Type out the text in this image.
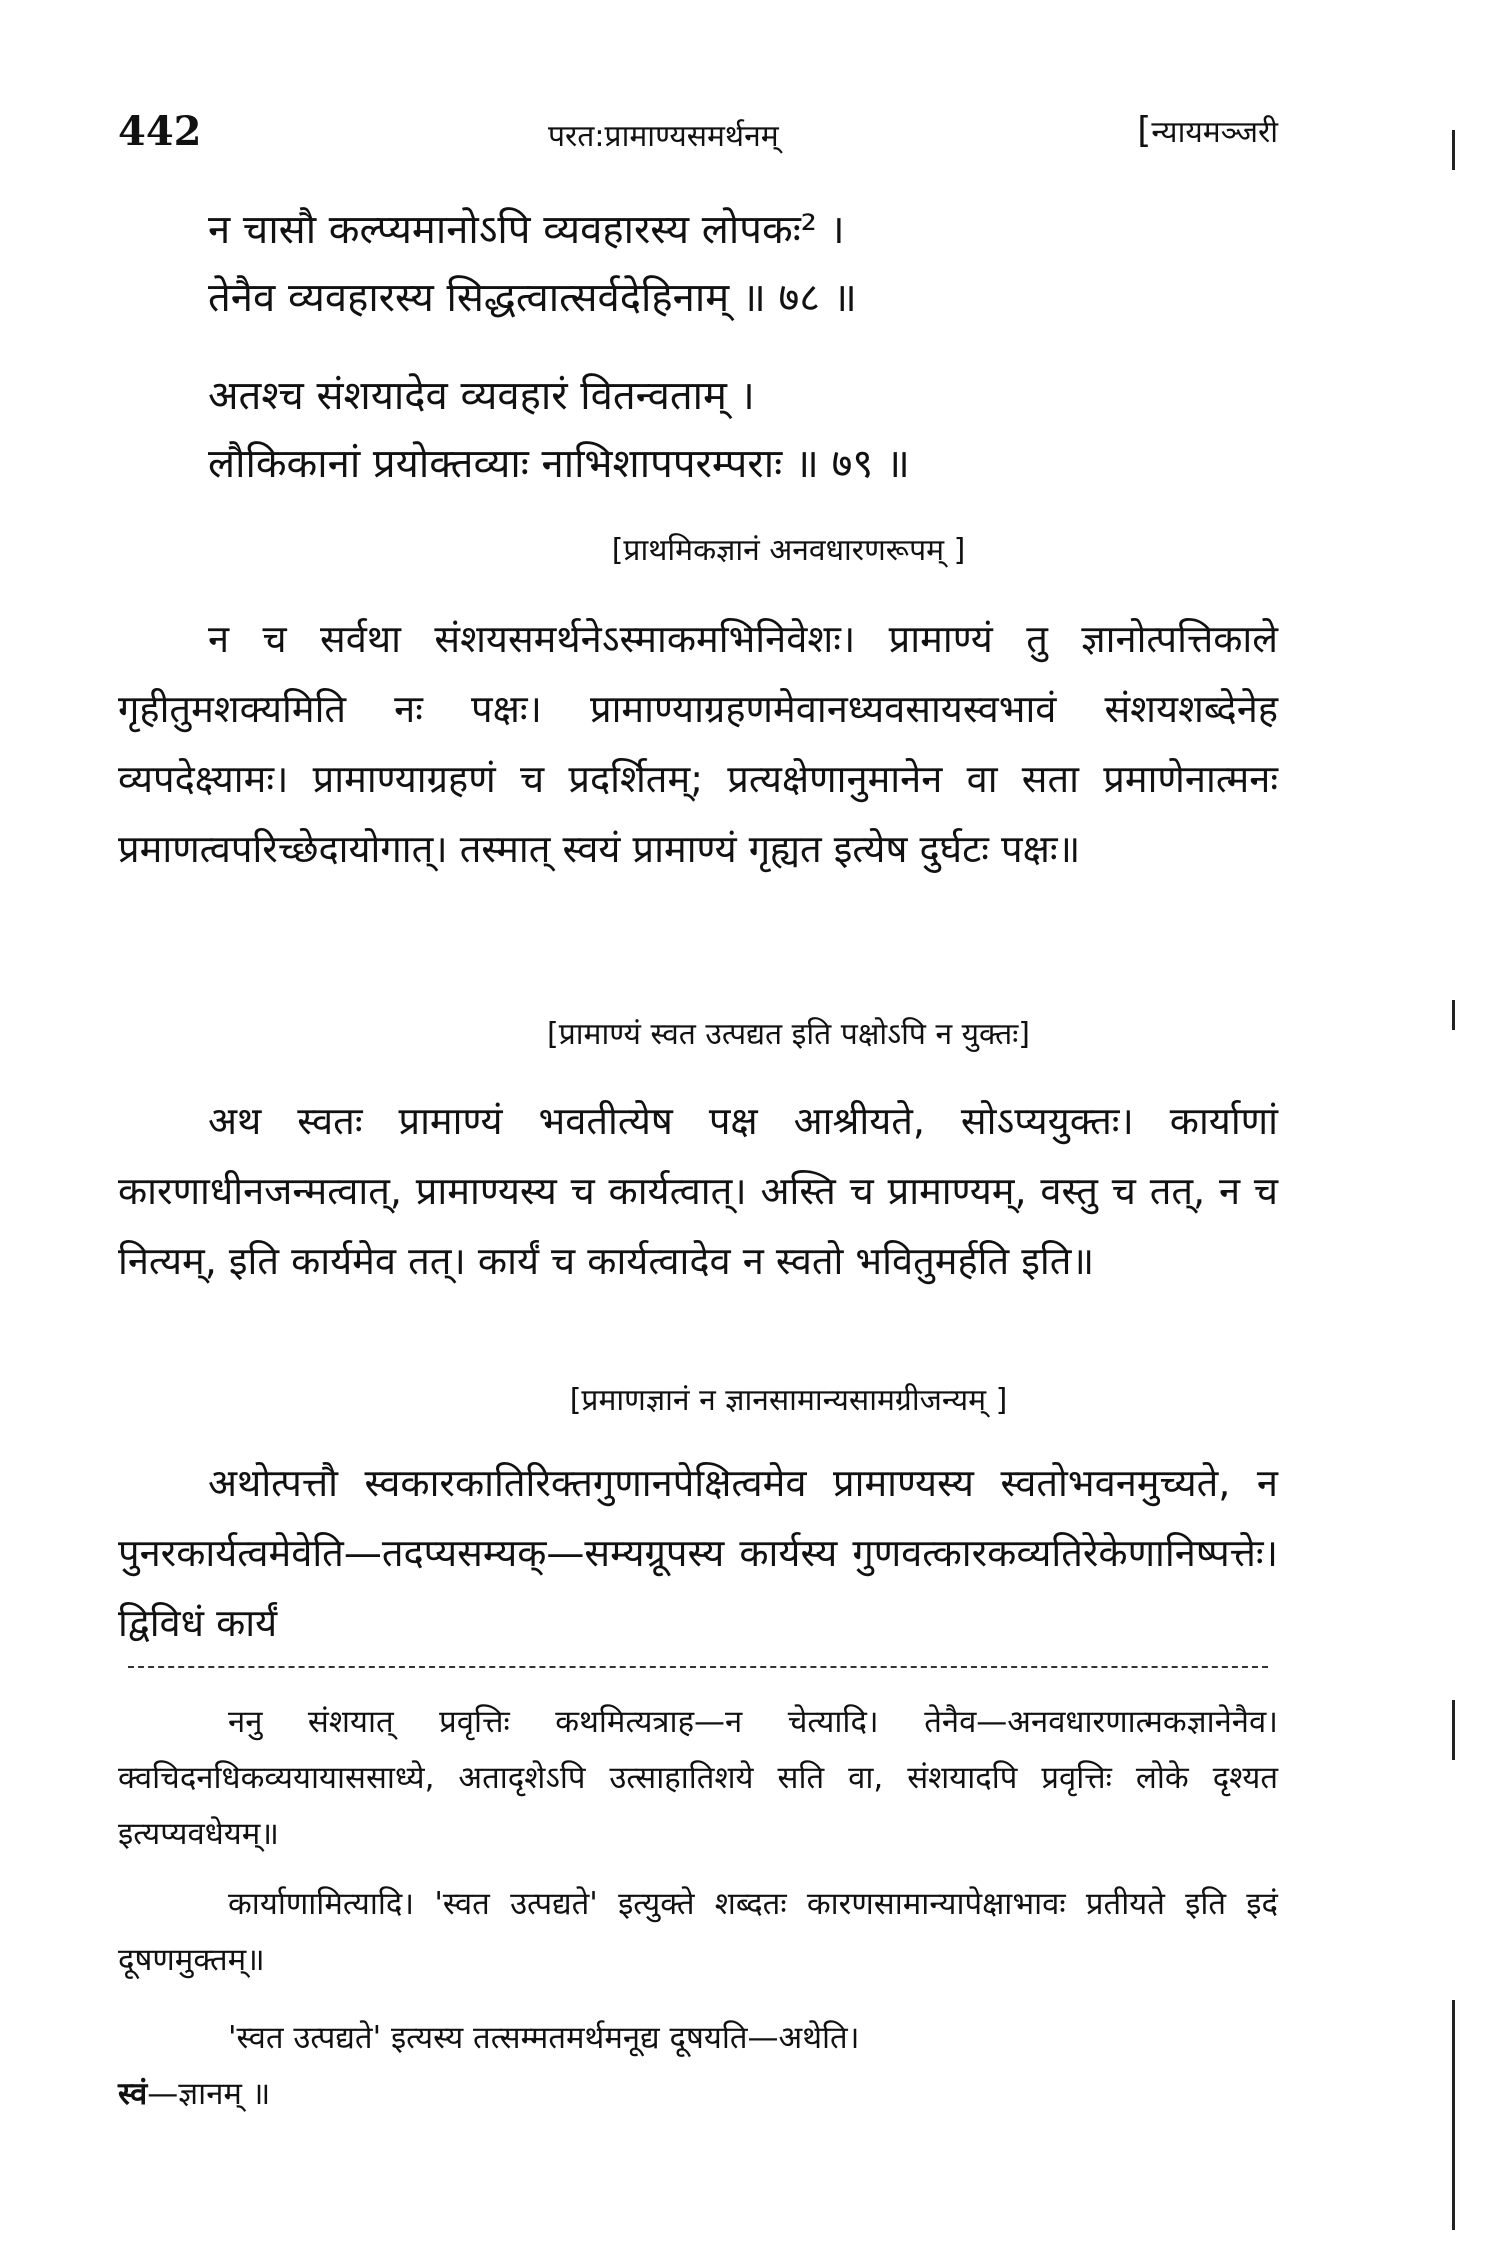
442	परत:प्रामाण्यसमर्थनम्	[न्यायमञ्जरी
न चासौ कल्प्यमानोऽपि व्यवहारस्य लोपकः² ।
तेनैव व्यवहारस्य सिद्धत्वात्सर्वदेहिनाम् ॥ ७८ ॥
अतश्च संशयादेव व्यवहारं वितन्वताम् ।
लौकिकानां प्रयोक्तव्याः नाभिशापपरम्पराः ॥ ७९ ॥
[प्राथमिकज्ञानं अनवधारणरूपम् ]
न च सर्वथा संशयसमर्थनेऽस्माकमभिनिवेशः। प्रामाण्यं तु ज्ञानोत्पत्तिकाले गृहीतुमशक्यमिति नः पक्षः। प्रामाण्याग्रहणमेवानध्यवसायस्वभावं संशयशब्देनेह व्यपदेक्ष्यामः। प्रामाण्याग्रहणं च प्रदर्शितम्; प्रत्यक्षेणानुमानेन वा सता प्रमाणेनात्मनः प्रमाणत्वपरिच्छेदायोगात्। तस्मात् स्वयं प्रामाण्यं गृह्यत इत्येष दुर्घटः पक्षः॥
[प्रामाण्यं स्वत उत्पद्यत इति पक्षोऽपि न युक्तः]
अथ स्वतः प्रामाण्यं भवतीत्येष पक्ष आश्रीयते, सोऽप्ययुक्तः। कार्याणां कारणाधीनजन्मत्वात्, प्रामाण्यस्य च कार्यत्वात्। अस्ति च प्रामाण्यम्, वस्तु च तत्, न च नित्यम्, इति कार्यमेव तत्। कार्यं च कार्यत्वादेव न स्वतो भवितुमर्हति इति॥
[प्रमाणज्ञानं न ज्ञानसामान्यसामग्रीजन्यम् ]
अथोत्पत्तौ स्वकारकातिरिक्तगुणानपेक्षित्वमेव प्रामाण्यस्य स्वतोभवनमुच्यते, न पुनरकार्यत्वमेवेति—तदप्यसम्यक्—सम्यग्रूपस्य कार्यस्य गुणवत्कारकव्यतिरेकेणानिष्पत्तेः। द्विविधं कार्यं
ननु संशयात् प्रवृत्तिः कथमित्यत्राह—न चेत्यादि। तेनैव—अनवधारणात्मकज्ञानेनैव। क्वचिदनधिकव्ययायाससाध्ये, अतादृशेऽपि उत्साहातिशये सति वा, संशयादपि प्रवृत्तिः लोके दृश्यत इत्यप्यवधेयम्॥
कार्याणामित्यादि। 'स्वत उत्पद्यते' इत्युक्ते शब्दतः कारणसामान्यापेक्षाभावः प्रतीयते इति इदं दूषणमुक्तम्॥
'स्वत उत्पद्यते' इत्यस्य तत्सम्मतमर्थमनूद्य दूषयति—अथेति।
स्वं—ज्ञानम् ॥
